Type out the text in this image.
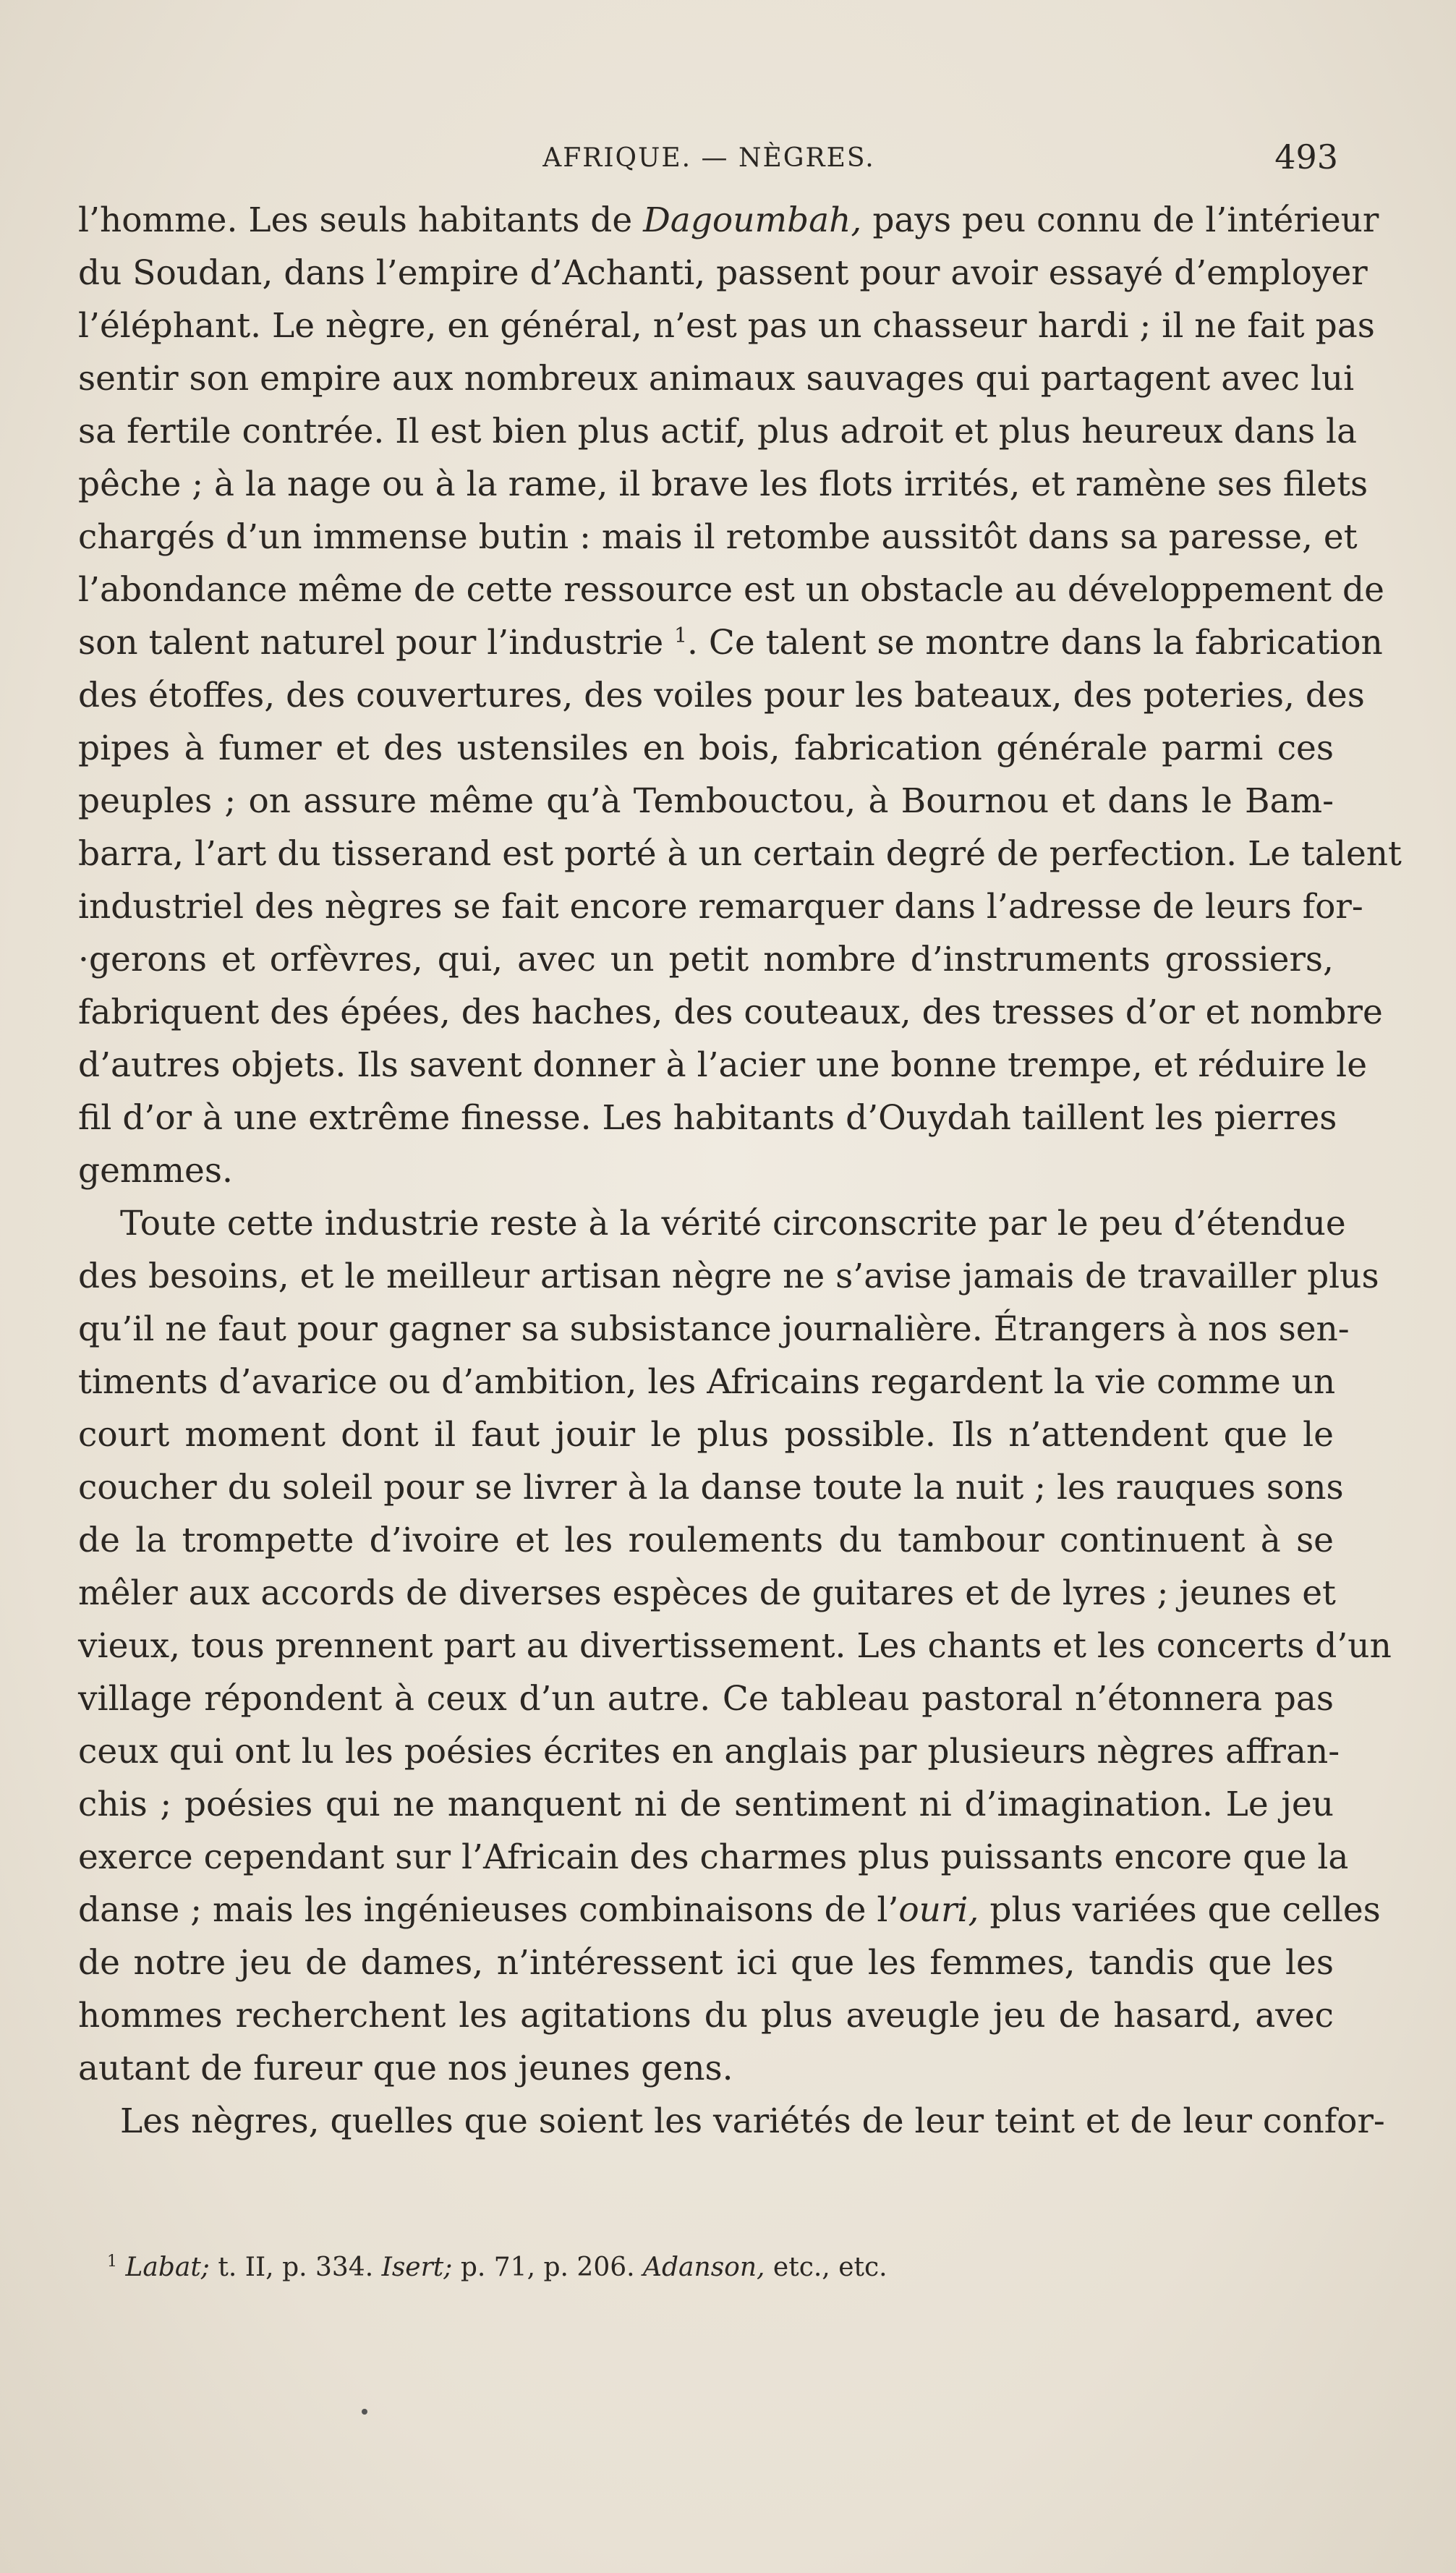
AFRIQUE. — NÈGRES.	493
l’homme. Les seuls habitants de Dagoumbah, pays peu connu de l’intérieur
du Soudan, dans l’empire d’Achanti, passent pour avoir essayé d’employer
l’éléphant. Le nègre, en général, n’est pas un chasseur hardi ; il ne fait pas
sentir son empire aux nombreux animaux sauvages qui partagent avec lui
sa fertile contrée. Il est bien plus actif, plus adroit et plus heureux dans la
pêche ; à la nage ou à la rame, il brave les flots irrités, et ramène ses filets
chargés d’un immense butin : mais il retombe aussitôt dans sa paresse, et
l’abondance même de cette ressource est un obstacle au développement de
son talent naturel pour l’industrie $^1$. Ce talent se montre dans la fabrication
des étoffes, des couvertures, des voiles pour les bateaux, des poteries, des
pipes à fumer et des ustensiles en bois, fabrication générale parmi ces
peuples ; on assure même qu’à Tembouctou, à Bournou et dans le Bam-
barra, l’art du tisserand est porté à un certain degré de perfection. Le talent
industriel des nègres se fait encore remarquer dans l’adresse de leurs for-
·gerons et orfèvres, qui, avec un petit nombre d’instruments grossiers,
fabriquent des épées, des haches, des couteaux, des tresses d’or et nombre
d’autres objets. Ils savent donner à l’acier une bonne trempe, et réduire le
fil d’or à une extrême finesse. Les habitants d’Ouydah taillent les pierres
gemmes.
Toute cette industrie reste à la vérité circonscrite par le peu d’étendue
des besoins, et le meilleur artisan nègre ne s’avise jamais de travailler plus
qu’il ne faut pour gagner sa subsistance journalière. Étrangers à nos sen-
timents d’avarice ou d’ambition, les Africains regardent la vie comme un
court moment dont il faut jouir le plus possible. Ils n’attendent que le
coucher du soleil pour se livrer à la danse toute la nuit ; les rauques sons
de la trompette d’ivoire et les roulements du tambour continuent à se
mêler aux accords de diverses espèces de guitares et de lyres ; jeunes et
vieux, tous prennent part au divertissement. Les chants et les concerts d’un
village répondent à ceux d’un autre. Ce tableau pastoral n’étonnera pas
ceux qui ont lu les poésies écrites en anglais par plusieurs nègres affran-
chis ; poésies qui ne manquent ni de sentiment ni d’imagination. Le jeu
exerce cependant sur l’Africain des charmes plus puissants encore que la
danse ; mais les ingénieuses combinaisons de l’ouri, plus variées que celles
de notre jeu de dames, n’intéressent ici que les femmes, tandis que les
hommes recherchent les agitations du plus aveugle jeu de hasard, avec
autant de fureur que nos jeunes gens.
Les nègres, quelles que soient les variétés de leur teint et de leur confor-
$^1$ Labat; t. II, p. 334. Isert; p. 71, p. 206. Adanson, etc., etc.
